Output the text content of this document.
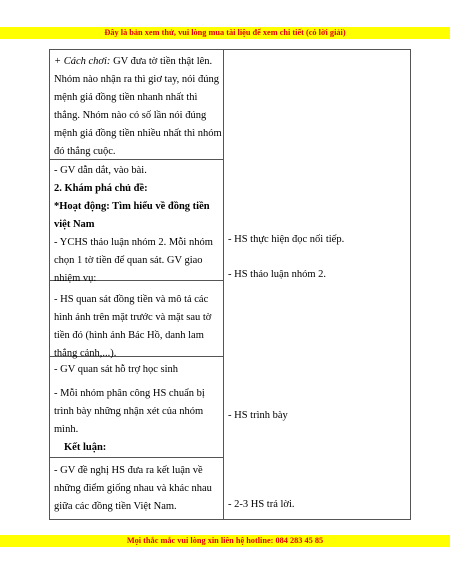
Đây là bản xem thử, vui lòng mua tài liệu để xem chi tiết (có lời giải)
+ Cách chơi: GV đưa tờ tiền thật lên.
Nhóm nào nhận ra thì giơ tay, nói đúng
mệnh giá đồng tiền nhanh nhất thì
thắng. Nhóm nào có số lần nói đúng
mệnh giá đồng tiền nhiều nhất thì nhóm
đó thắng cuộc.
- GV dẫn dắt, vào bài.
2. Khám phá chủ đề:
*Hoạt động: Tìm hiểu về đồng tiền
việt Nam
- YCHS thảo luận nhóm 2. Mỗi nhóm
chọn 1 tờ tiền để quan sát. GV giao
nhiệm vụ:
- HS quan sát đồng tiền và mô tả các
hình ảnh trên mặt trước và mặt sau tờ
tiền đó (hình ảnh Bác Hồ, danh lam
thắng cảnh,...).
- GV quan sát hỗ trợ học sinh
- Mỗi nhóm phân công HS chuẩn bị
trình bày những nhận xét của nhóm
mình.
Kết luận:
- GV đề nghị HS đưa ra kết luận về
những điểm giống nhau và khác nhau
giữa các đồng tiền Việt Nam.
- HS thực hiện đọc nối tiếp.
- HS thảo luận nhóm 2.
- HS trình bày
- 2-3 HS trả lời.
Mọi thắc mắc vui lòng xin liên hệ hotline: 084 283 45 85
